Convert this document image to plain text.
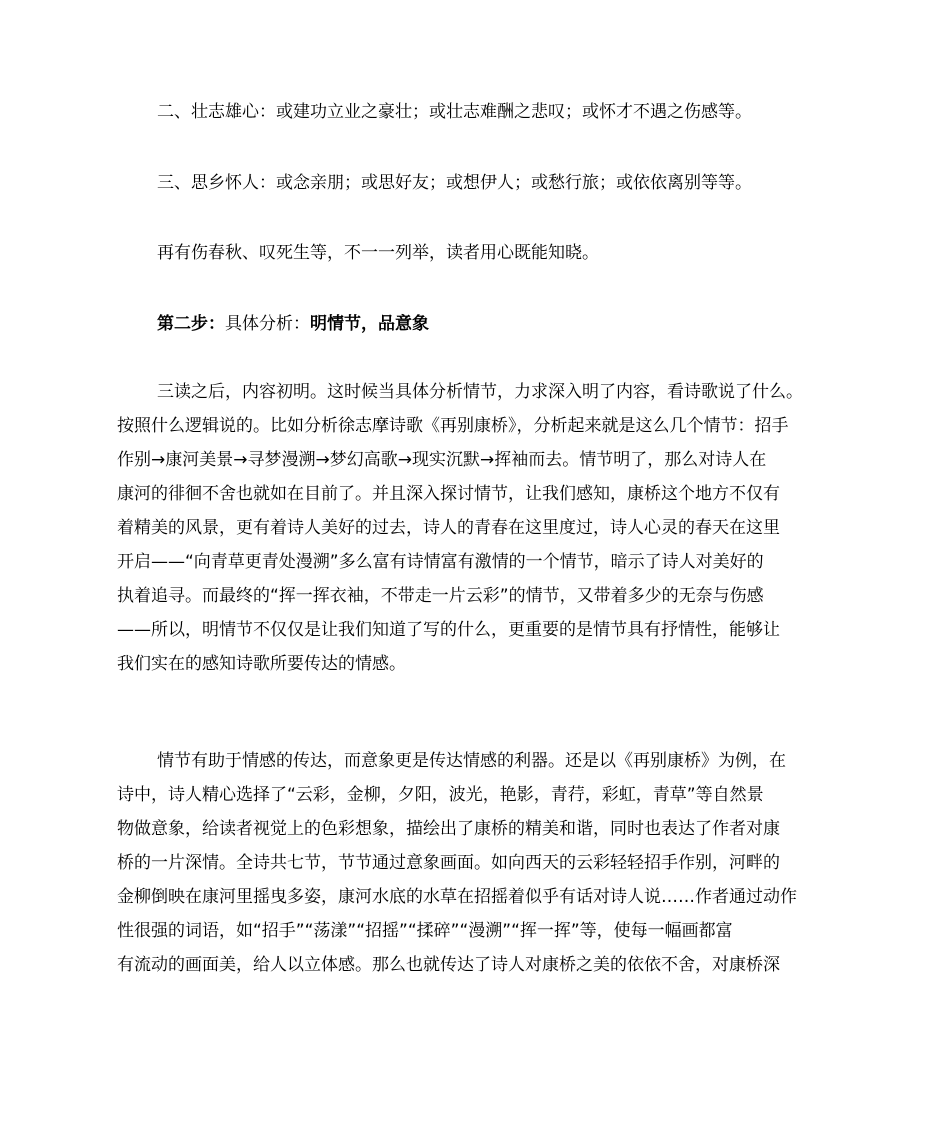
二、壮志雄心：或建功立业之豪壮；或壮志难酬之悲叹；或怀才不遇之伤感等。
三、思乡怀人：或念亲朋；或思好友；或想伊人；或愁行旅；或依依离别等等。
再有伤春秋、叹死生等，不一一列举，读者用心既能知晓。
第二步：具体分析：明情节，品意象
三读之后，内容初明。这时候当具体分析情节，力求深入明了内容，看诗歌说了什么。
按照什么逻辑说的。比如分析徐志摩诗歌《再别康桥》，分析起来就是这么几个情节：招手
作别→康河美景→寻梦漫溯→梦幻高歌→现实沉默→挥袖而去。情节明了，那么对诗人在
康河的徘徊不舍也就如在目前了。并且深入探讨情节，让我们感知，康桥这个地方不仅有
着精美的风景，更有着诗人美好的过去，诗人的青春在这里度过，诗人心灵的春天在这里
开启——“向青草更青处漫溯”多么富有诗情富有激情的一个情节，暗示了诗人对美好的
执着追寻。而最终的“挥一挥衣袖，不带走一片云彩”的情节，又带着多少的无奈与伤感
——所以，明情节不仅仅是让我们知道了写的什么，更重要的是情节具有抒情性，能够让
我们实在的感知诗歌所要传达的情感。
情节有助于情感的传达，而意象更是传达情感的利器。还是以《再别康桥》为例，在
诗中，诗人精心选择了“云彩，金柳，夕阳，波光，艳影，青荇，彩虹，青草”等自然景
物做意象，给读者视觉上的色彩想象，描绘出了康桥的精美和谐，同时也表达了作者对康
桥的一片深情。全诗共七节，节节通过意象画面。如向西天的云彩轻轻招手作别，河畔的
金柳倒映在康河里摇曳多姿，康河水底的水草在招摇着似乎有话对诗人说……作者通过动作
性很强的词语，如“招手”“荡漾”“招摇”“揉碎”“漫溯”“挥一挥”等，使每一幅画都富
有流动的画面美，给人以立体感。那么也就传达了诗人对康桥之美的依依不舍，对康桥深
